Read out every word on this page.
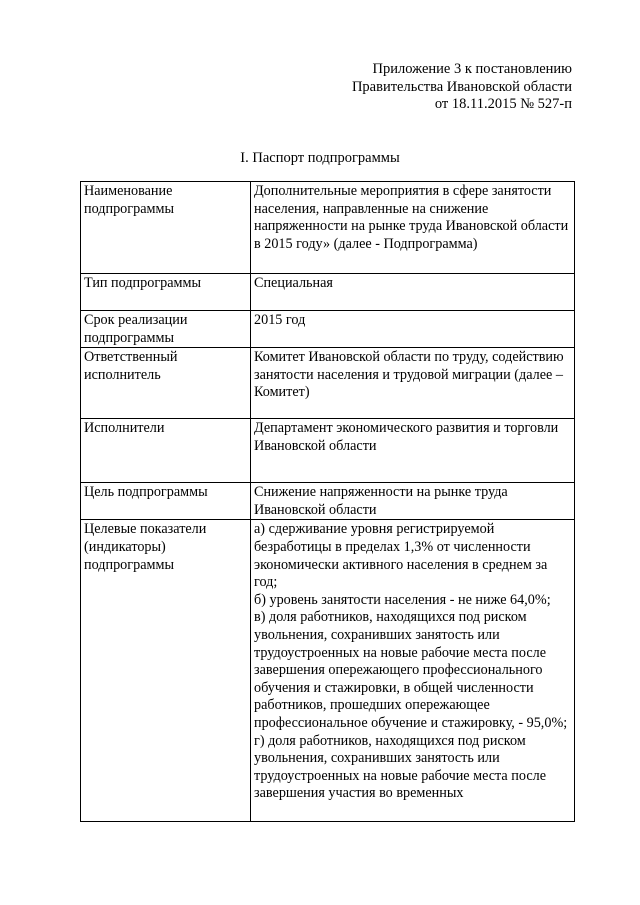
Приложение 3 к постановлению
Правительства Ивановской области
от 18.11.2015 № 527-п
I. Паспорт подпрограммы
Наименование подпрограммы	Дополнительные мероприятия в сфере занятости населения, направленные на снижение напряженности на рынке труда Ивановской области в 2015 году» (далее - Подпрограмма)
Тип подпрограммы	Специальная
Срок реализации подпрограммы	2015 год
Ответственный исполнитель	Комитет Ивановской области по труду, содействию занятости населения и трудовой миграции (далее – Комитет)
Исполнители	Департамент экономического развития и торговли Ивановской области
Цель подпрограммы	Снижение напряженности на рынке труда Ивановской области
Целевые показатели (индикаторы) подпрограммы	а) сдерживание уровня регистрируемой безработицы в пределах 1,3% от численности экономически активного населения в среднем за год;
б) уровень занятости населения - не ниже 64,0%;
в) доля работников, находящихся под риском увольнения, сохранивших занятость или трудоустроенных на новые рабочие места после завершения опережающего профессионального обучения и стажировки, в общей численности работников, прошедших опережающее профессиональное обучение и стажировку, - 95,0%;
г) доля работников, находящихся под риском увольнения, сохранивших занятость или трудоустроенных на новые рабочие места после завершения участия во временных
